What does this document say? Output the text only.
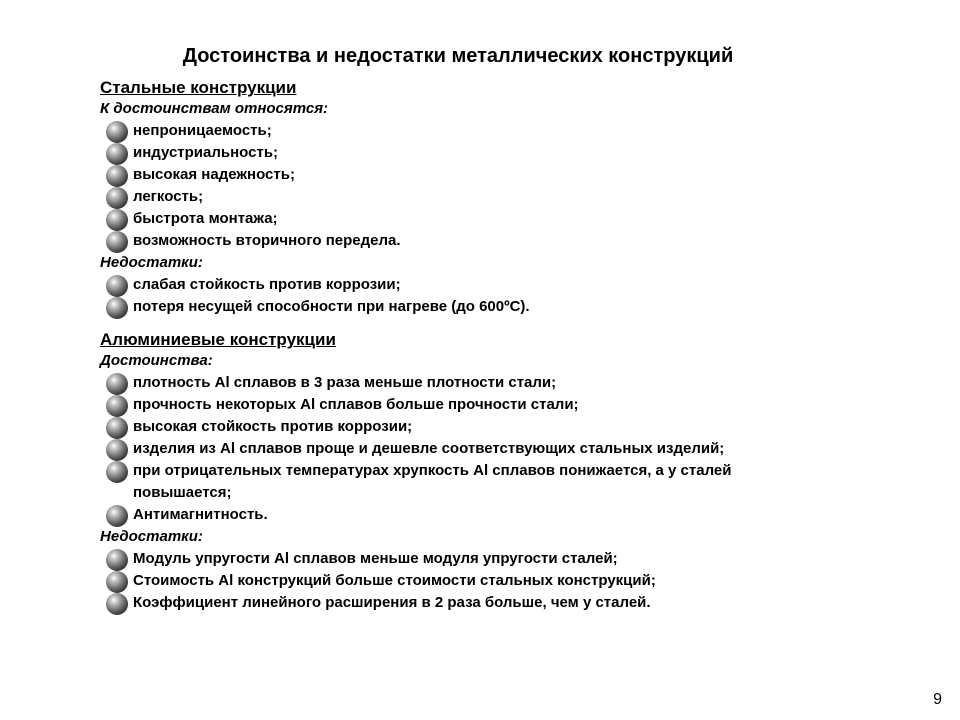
Достоинства и недостатки металлических конструкций
Стальные конструкции
К достоинствам относятся:
непроницаемость;
индустриальность;
высокая надежность;
легкость;
быстрота монтажа;
возможность вторичного передела.
Недостатки:
слабая стойкость против коррозии;
потеря несущей способности при нагреве (до 600ºС).
Алюминиевые конструкции
Достоинства:
плотность Al сплавов в 3 раза меньше плотности стали;
прочность некоторых Al сплавов больше прочности стали;
высокая стойкость против коррозии;
изделия из Al сплавов проще и дешевле соответствующих стальных изделий;
при отрицательных температурах хрупкость Al сплавов понижается, а у сталей повышается;
Антимагнитность.
Недостатки:
Модуль упругости Al сплавов меньше модуля упругости сталей;
Стоимость Al конструкций больше стоимости стальных конструкций;
Коэффициент линейного расширения в 2 раза больше, чем у сталей.
9
